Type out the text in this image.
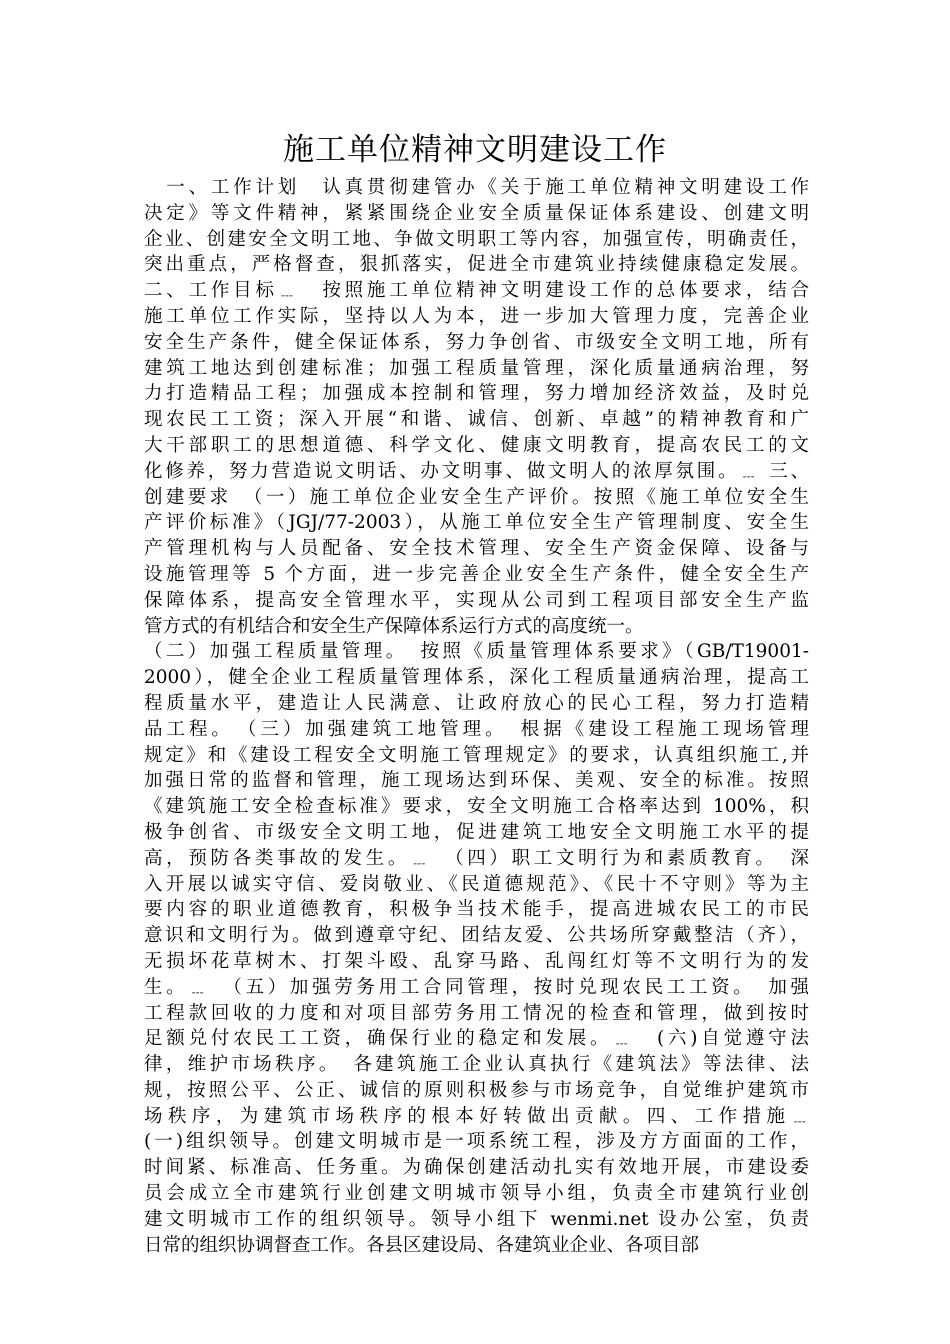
施工单位精神文明建设工作
　一、工作计划　认真贯彻建管办《关于施工单位精神文明建设工作
决定》等文件精神，紧紧围绕企业安全质量保证体系建设、创建文明
企业、创建安全文明工地、争做文明职工等内容，加强宣传，明确责任，
突出重点，严格督查，狠抓落实，促进全市建筑业持续健康稳定发展。
二、工作目标﹍　按照施工单位精神文明建设工作的总体要求，结合
施工单位工作实际，坚持以人为本，进一步加大管理力度，完善企业
安全生产条件，健全保证体系，努力争创省、市级安全文明工地，所有
建筑工地达到创建标准；加强工程质量管理，深化质量通病治理，努
力打造精品工程；加强成本控制和管理，努力增加经济效益，及时兑
现农民工工资；深入开展“和谐、诚信、创新、卓越”的精神教育和广
大干部职工的思想道德、科学文化、健康文明教育，提高农民工的文
化修养，努力营造说文明话、办文明事、做文明人的浓厚氛围。﹍ 三、
创建要求　（一）施工单位企业安全生产评价。按照《施工单位安全生
产评价标准》（JGJ/77-2003），从施工单位安全生产管理制度、安全生
产管理机构与人员配备、安全技术管理、安全生产资金保障、设备与
设施管理等 5 个方面，进一步完善企业安全生产条件，健全安全生产
保障体系，提高安全管理水平，实现从公司到工程项目部安全生产监
管方式的有机结合和安全生产保障体系运行方式的高度统一。
（二）加强工程质量管理。　按照《质量管理体系要求》（GB/T19001-
2000），健全企业工程质量管理体系，深化工程质量通病治理，提高工
程质量水平，建造让人民满意、让政府放心的民心工程，努力打造精
品工程。　（三）加强建筑工地管理。　根据《建设工程施工现场管理
规定》和《建设工程安全文明施工管理规定》的要求，认真组织施工,并
加强日常的监督和管理，施工现场达到环保、美观、安全的标准。按照
《建筑施工安全检查标准》要求，安全文明施工合格率达到 100%，积
极争创省、市级安全文明工地，促进建筑工地安全文明施工水平的提
高，预防各类事故的发生。﹍　（四）职工文明行为和素质教育。　深
入开展以诚实守信、爱岗敬业、《民道德规范》、《民十不守则》等为主
要内容的职业道德教育，积极争当技术能手，提高进城农民工的市民
意识和文明行为。做到遵章守纪、团结友爱、公共场所穿戴整洁（齐），
无损坏花草树木、打架斗殴、乱穿马路、乱闯红灯等不文明行为的发
生。﹍　（五）加强劳务用工合同管理，按时兑现农民工工资。　加强
工程款回收的力度和对项目部劳务用工情况的检查和管理，做到按时
足额兑付农民工工资，确保行业的稳定和发展。﹍　(六)自觉遵守法
律，维护市场秩序。　各建筑施工企业认真执行《建筑法》等法律、法
规，按照公平、公正、诚信的原则积极参与市场竞争，自觉维护建筑市
场秩序，为建筑市场秩序的根本好转做出贡献。四、工作措施﹍
(一)组织领导。创建文明城市是一项系统工程，涉及方方面面的工作，
时间紧、标准高、任务重。为确保创建活动扎实有效地开展，市建设委
员会成立全市建筑行业创建文明城市领导小组，负责全市建筑行业创
建文明城市工作的组织领导。领导小组下 wenmi.net 设办公室，负责
日常的组织协调督查工作。各县区建设局、各建筑业企业、各项目部
